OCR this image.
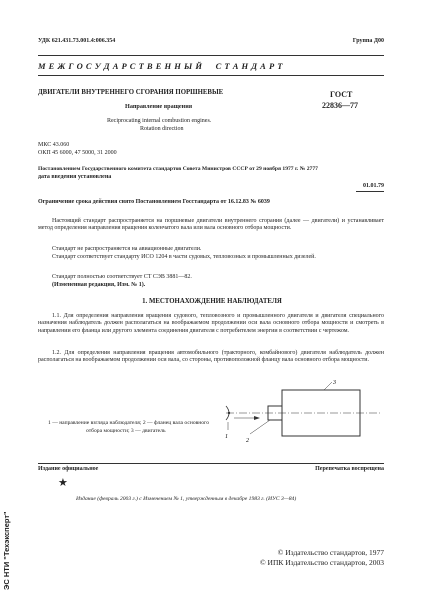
УДК 621.431.73.001.4:006.354	Группа Д00
М Е Ж Г О С У Д А Р С Т В Е Н Н Ы Й     С Т А Н Д А Р Т
ДВИГАТЕЛИ ВНУТРЕННЕГО СГОРАНИЯ ПОРШНЕВЫЕ
Направление вращения
Reciprocating internal combustion engines.
Rotation direction
ГОСТ
22836—77
МКС 43.060
ОКП 45 6000, 47 5000, 31 2000
Постановлением Государственного комитета стандартов Совета Министров СССР от 29 ноября 1977 г. № 2777
дата введения установлена
01.01.79
Ограничение срока действия снято Постановлением Госстандарта от 16.12.83 № 6039
Настоящий стандарт распространяется на поршневые двигатели внутреннего сгорания (далее — двигатели) и устанавливает метод определения направления вращения коленчатого вала или вала основного отбора мощности.
Стандарт не распространяется на авиационные двигатели.
Стандарт соответствует стандарту ИСО 1204 в части судовых, тепловозных и промышленных дизелей.
Стандарт полностью соответствует СТ СЭВ 3881—82.
(Измененная редакция, Изм. № 1).
1. МЕСТОНАХОЖДЕНИЕ НАБЛЮДАТЕЛЯ
1.1. Для определения направления вращения судового, тепловозного и промышленного двигателя и двигателя специального назначения наблюдатель должен располагаться на воображаемом продолжении оси вала основного отбора мощности и смотреть в направлении его фланца или другого элемента соединения двигателя с потребителем энергии в соответствии с чертежом.
1.2. Для определения направления вращения автомобильного (тракторного, комбайнового) двигателя наблюдатель должен располагаться на воображаемом продолжении оси вала, со стороны, противоположной фланцу вала основного отбора мощности.
1
2
3
1 — направление взгляда наблюдателя; 2 — фланец вала основного
отбора мощности; 3 — двигатель
Издание официальное	Перепечатка воспрещена
★
Издание (февраль 2003 г.) с Изменением № 1, утвержденным в декабре 1983 г. (ИУС 3—84)
© Издательство стандартов, 1977
© ИПК Издательство стандартов, 2003
ЭС НТИ "Техэксперт"
